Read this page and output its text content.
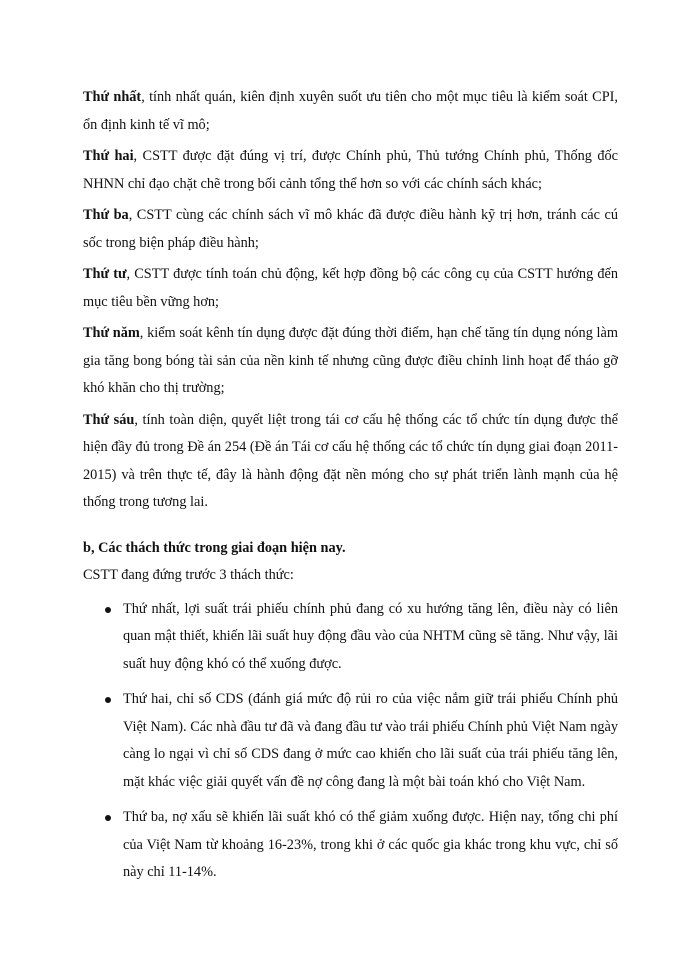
Thứ nhất, tính nhất quán, kiên định xuyên suốt ưu tiên cho một mục tiêu là kiểm soát CPI, ổn định kinh tế vĩ mô;

Thứ hai, CSTT được đặt đúng vị trí, được Chính phủ, Thủ tướng Chính phủ, Thống đốc NHNN chỉ đạo chặt chẽ trong bối cảnh tổng thể hơn so với các chính sách khác;

Thứ ba, CSTT cùng các chính sách vĩ mô khác đã được điều hành kỹ trị hơn, tránh các cú sốc trong biện pháp điều hành;

Thứ tư, CSTT được tính toán chủ động, kết hợp đồng bộ các công cụ của CSTT hướng đến mục tiêu bền vững hơn;

Thứ năm, kiểm soát kênh tín dụng được đặt đúng thời điểm, hạn chế tăng tín dụng nóng làm gia tăng bong bóng tài sản của nền kinh tế nhưng cũng được điều chỉnh linh hoạt để tháo gỡ khó khăn cho thị trường;

Thứ sáu, tính toàn diện, quyết liệt trong tái cơ cấu hệ thống các tổ chức tín dụng được thể hiện đầy đủ trong Đề án 254 (Đề án Tái cơ cấu hệ thống các tổ chức tín dụng giai đoạn 2011-2015) và trên thực tế, đây là hành động đặt nền móng cho sự phát triển lành mạnh của hệ thống trong tương lai.

b, Các thách thức trong giai đoạn hiện nay.

CSTT đang đứng trước 3 thách thức:

Thứ nhất, lợi suất trái phiếu chính phủ đang có xu hướng tăng lên, điều này có liên quan mật thiết, khiến lãi suất huy động đầu vào của NHTM cũng sẽ tăng. Như vậy, lãi suất huy động khó có thể xuống được.
Thứ hai, chỉ số CDS (đánh giá mức độ rủi ro của việc nắm giữ trái phiếu Chính phủ Việt Nam). Các nhà đầu tư đã và đang đầu tư vào trái phiếu Chính phủ Việt Nam ngày càng lo ngại vì chỉ số CDS đang ở mức cao khiến cho lãi suất của trái phiếu tăng lên, mặt khác việc giải quyết vấn đề nợ công đang là một bài toán khó cho Việt Nam.
Thứ ba, nợ xấu sẽ khiến lãi suất khó có thể giảm xuống được. Hiện nay, tổng chi phí của Việt Nam từ khoảng 16-23%, trong khi ở các quốc gia khác trong khu vực, chỉ số này chỉ 11-14%.
